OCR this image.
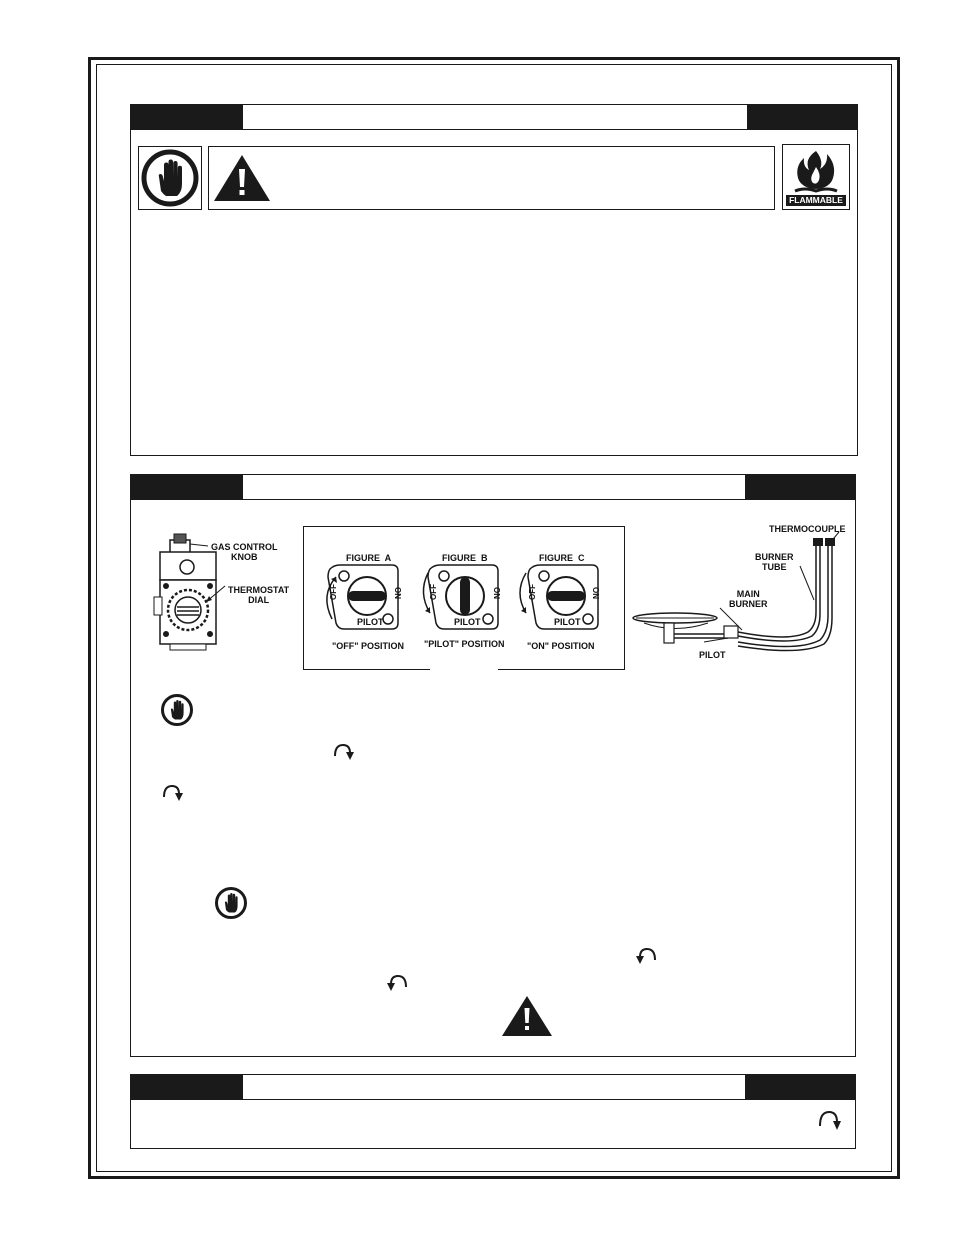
FLAMMABLE
GAS CONTROL
KNOB
THERMOSTAT
DIAL
FIGURE  A	FIGURE  B	FIGURE  C
OFF	ON
PILOT
OFF	ON
PILOT
OFF	ON
PILOT
"OFF" POSITION "PILOT" POSITION "ON" POSITION
THERMOCOUPLE
BURNER
TUBE
MAIN
BURNER
PILOT
